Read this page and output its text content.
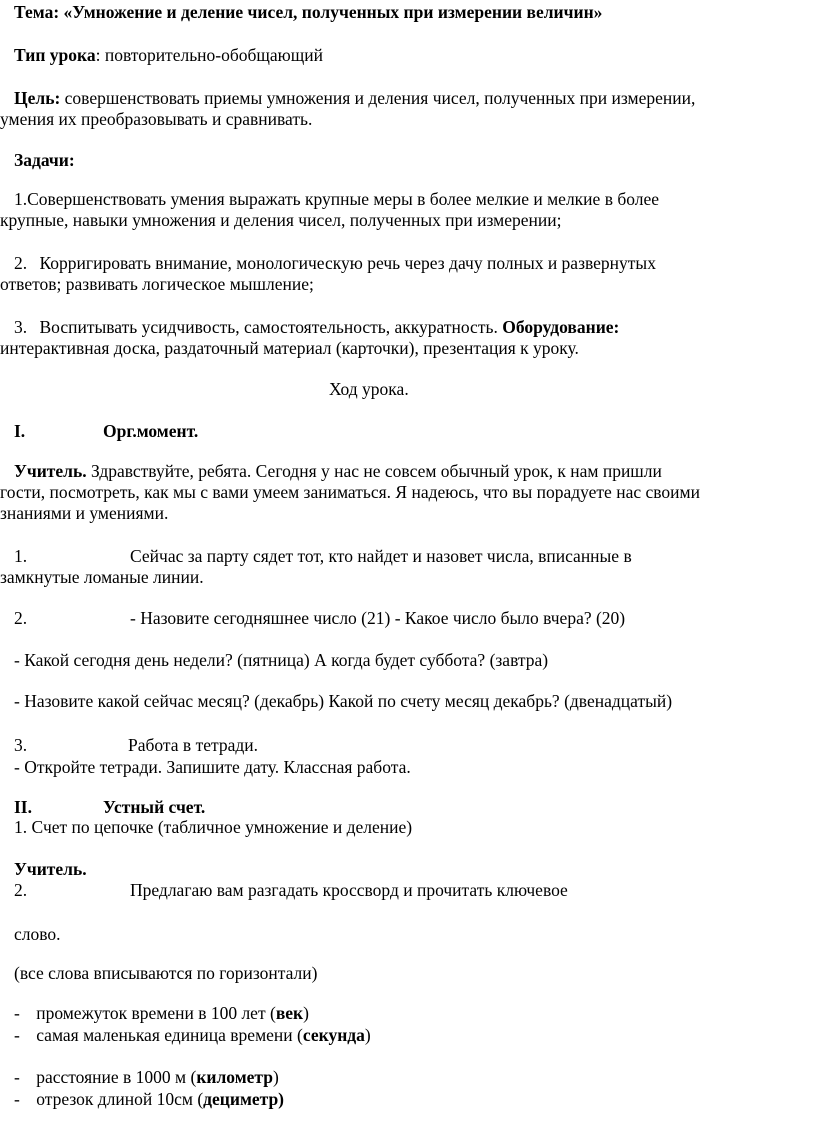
Тема: «Умножение и деление чисел, полученных при измерении величин»
Тип урока: повторительно-обобщающий
Цель: совершенствовать приемы умножения и деления чисел, полученных при измерении,
умения их преобразовывать и сравнивать.
Задачи:
1.Совершенствовать умения выражать крупные меры в более мелкие и мелкие в более
крупные, навыки умножения и деления чисел, полученных при измерении;
2. Корригировать внимание, монологическую речь через дачу полных и развернутых
ответов; развивать логическое мышление;
3. Воспитывать усидчивость, самостоятельность, аккуратность. Оборудование:
интерактивная доска, раздаточный материал (карточки), презентация к уроку.
Ход урока.
I.	Орг.момент.
Учитель. Здравствуйте, ребята. Сегодня у нас не совсем обычный урок, к нам пришли
гости, посмотреть, как мы с вами умеем заниматься. Я надеюсь, что вы порадуете нас своими
знаниями и умениями.
1.	Сейчас за парту сядет тот, кто найдет и назовет числа, вписанные в
замкнутые ломаные линии.
2.	- Назовите сегодняшнее число (21) - Какое число было вчера? (20)
- Какой сегодня день недели? (пятница) А когда будет суббота? (завтра)
- Назовите какой сейчас месяц? (декабрь) Какой по счету месяц декабрь? (двенадцатый)
3.	Работа в тетради.
- Откройте тетради. Запишите дату. Классная работа.
II.	Устный счет.
1. Счет по цепочке (табличное умножение и деление)
Учитель.
2.	Предлагаю вам разгадать кроссворд и прочитать ключевое
слово.
(все слова вписываются по горизонтали)
- промежуток времени в 100 лет (век)
- самая маленькая единица времени (секунда)
- расстояние в 1000 м (километр)
- отрезок длиной 10см (дециметр)
